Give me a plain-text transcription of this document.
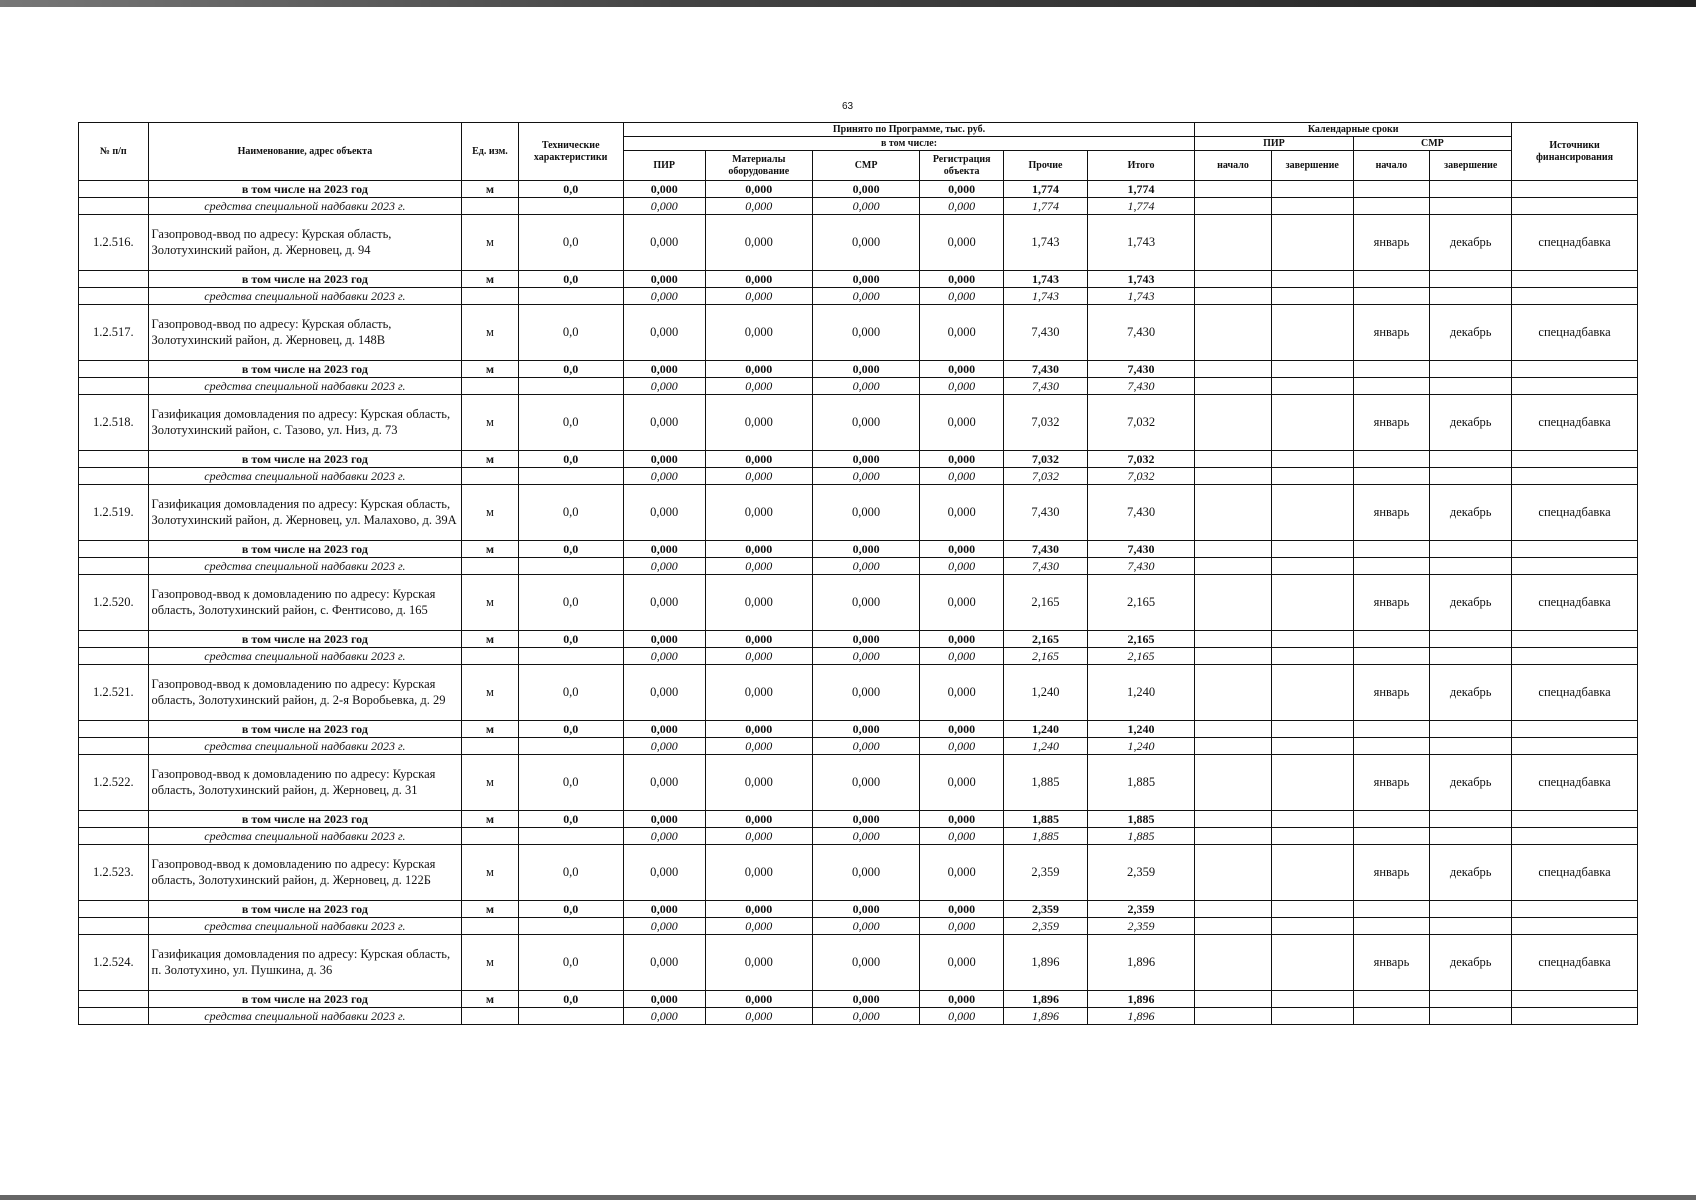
63
№ п/п	Наименование, адрес объекта	Ед. изм.	Технические характеристики	Принято по Программе, тыс. руб.						Календарные сроки				Источники финансирования
				в том числе:						ПИР		СМР		
				ПИР	Материалы оборудование	СМР	Регистрация объекта	Прочие	Итого	начало	завершение	начало	завершение	
	в том числе на 2023 год	м	0,0	0,000	0,000	0,000	0,000	1,774	1,774					
	средства специальной надбавки 2023 г.			0,000	0,000	0,000	0,000	1,774	1,774					
1.2.516.	Газопровод-ввод по адресу: Курская область, Золотухинский район, д. Жерновец, д. 94	м	0,0	0,000	0,000	0,000	0,000	1,743	1,743			январь	декабрь	спецнадбавка
	в том числе на 2023 год	м	0,0	0,000	0,000	0,000	0,000	1,743	1,743					
	средства специальной надбавки 2023 г.			0,000	0,000	0,000	0,000	1,743	1,743					
1.2.517.	Газопровод-ввод по адресу: Курская область, Золотухинский район, д. Жерновец, д. 148В	м	0,0	0,000	0,000	0,000	0,000	7,430	7,430			январь	декабрь	спецнадбавка
	в том числе на 2023 год	м	0,0	0,000	0,000	0,000	0,000	7,430	7,430					
	средства специальной надбавки 2023 г.			0,000	0,000	0,000	0,000	7,430	7,430					
1.2.518.	Газификация домовладения по адресу: Курская область, Золотухинский район, с. Тазово, ул. Низ, д. 73	м	0,0	0,000	0,000	0,000	0,000	7,032	7,032			январь	декабрь	спецнадбавка
	в том числе на 2023 год	м	0,0	0,000	0,000	0,000	0,000	7,032	7,032					
	средства специальной надбавки 2023 г.			0,000	0,000	0,000	0,000	7,032	7,032					
1.2.519.	Газификация домовладения по адресу: Курская область, Золотухинский район, д. Жерновец, ул. Малахово, д. 39А	м	0,0	0,000	0,000	0,000	0,000	7,430	7,430			январь	декабрь	спецнадбавка
	в том числе на 2023 год	м	0,0	0,000	0,000	0,000	0,000	7,430	7,430					
	средства специальной надбавки 2023 г.			0,000	0,000	0,000	0,000	7,430	7,430					
1.2.520.	Газопровод-ввод к домовладению по адресу: Курская область, Золотухинский район, с. Фентисово, д. 165	м	0,0	0,000	0,000	0,000	0,000	2,165	2,165			январь	декабрь	спецнадбавка
	в том числе на 2023 год	м	0,0	0,000	0,000	0,000	0,000	2,165	2,165					
	средства специальной надбавки 2023 г.			0,000	0,000	0,000	0,000	2,165	2,165					
1.2.521.	Газопровод-ввод к домовладению по адресу: Курская область, Золотухинский район, д. 2-я Воробьевка, д. 29	м	0,0	0,000	0,000	0,000	0,000	1,240	1,240			январь	декабрь	спецнадбавка
	в том числе на 2023 год	м	0,0	0,000	0,000	0,000	0,000	1,240	1,240					
	средства специальной надбавки 2023 г.			0,000	0,000	0,000	0,000	1,240	1,240					
1.2.522.	Газопровод-ввод к домовладению по адресу: Курская область, Золотухинский район, д. Жерновец, д. 31	м	0,0	0,000	0,000	0,000	0,000	1,885	1,885			январь	декабрь	спецнадбавка
	в том числе на 2023 год	м	0,0	0,000	0,000	0,000	0,000	1,885	1,885					
	средства специальной надбавки 2023 г.			0,000	0,000	0,000	0,000	1,885	1,885					
1.2.523.	Газопровод-ввод к домовладению по адресу: Курская область, Золотухинский район, д. Жерновец, д. 122Б	м	0,0	0,000	0,000	0,000	0,000	2,359	2,359			январь	декабрь	спецнадбавка
	в том числе на 2023 год	м	0,0	0,000	0,000	0,000	0,000	2,359	2,359					
	средства специальной надбавки 2023 г.			0,000	0,000	0,000	0,000	2,359	2,359					
1.2.524.	Газификация домовладения по адресу: Курская область, п. Золотухино, ул. Пушкина, д. 36	м	0,0	0,000	0,000	0,000	0,000	1,896	1,896			январь	декабрь	спецнадбавка
	в том числе на 2023 год	м	0,0	0,000	0,000	0,000	0,000	1,896	1,896					
	средства специальной надбавки 2023 г.			0,000	0,000	0,000	0,000	1,896	1,896					
